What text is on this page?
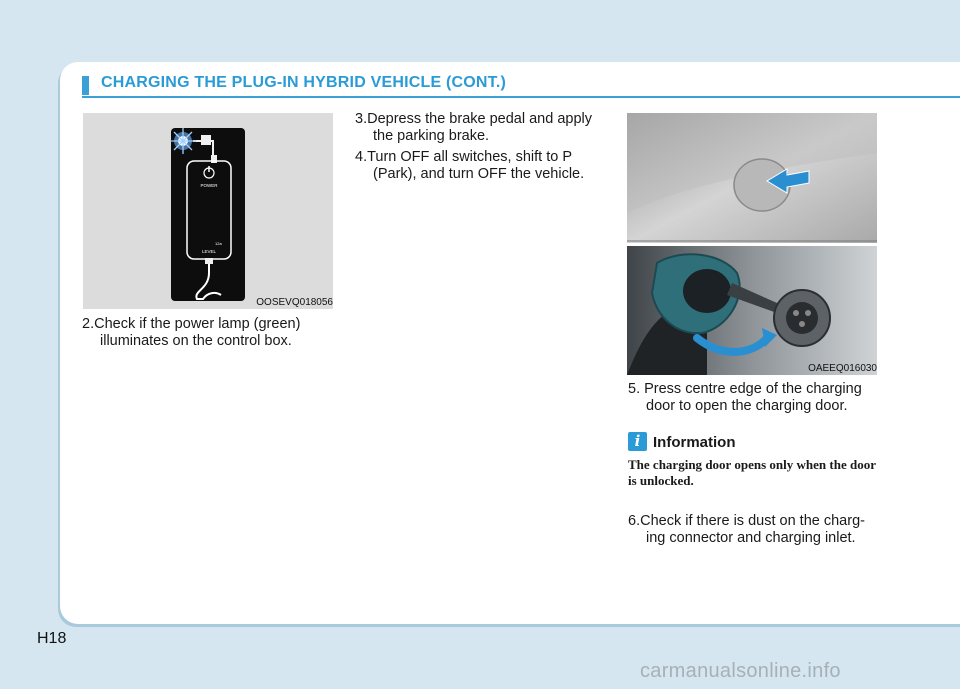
CHARGING THE PLUG-IN HYBRID VEHICLE (CONT.)
POWER
12a
LEVEL
OOSEVQ018056
OAEEQ016030
2.Check if the power lamp (green)
illuminates on the control box.
3.Depress the brake pedal and apply
the parking brake.
4.Turn OFF all switches, shift to P
(Park), and turn OFF the vehicle.
5. Press centre edge of the charging
door to open the charging door.
i Information
The charging door opens only when the door is unlocked.
6.Check if there is dust on the charg-
ing connector and charging inlet.
H18
carmanualsonline.info
